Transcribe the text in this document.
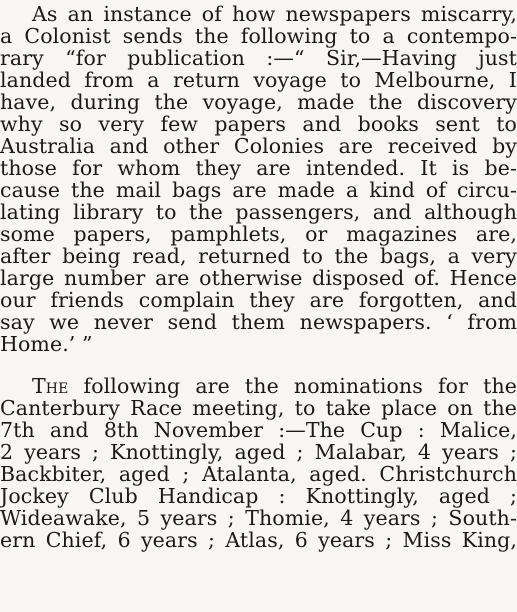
As an instance of how newspapers miscarry,
a Colonist sends the following to a contempo-
rary “for publication :—“ Sir,—Having just
landed from a return voyage to Melbourne, I
have, during the voyage, made the discovery
why so very few papers and books sent to
Australia and other Colonies are received by
those for whom they are intended. It is be-
cause the mail bags are made a kind of circu-
lating library to the passengers, and although
some papers, pamphlets, or magazines are,
after being read, returned to the bags, a very
large number are otherwise disposed of. Hence
our friends complain they are forgotten, and
say we never send them newspapers. ‘ from
Home.’ ”
The following are the nominations for the
Canterbury Race meeting, to take place on the
7th and 8th November :—The Cup : Malice,
2 years ; Knottingly, aged ; Malabar, 4 years ;
Backbiter, aged ; Atalanta, aged. Christchurch
Jockey Club Handicap : Knottingly, aged ;
Wideawake, 5 years ; Thomie, 4 years ; South-
ern Chief, 6 years ; Atlas, 6 years ; Miss King,
